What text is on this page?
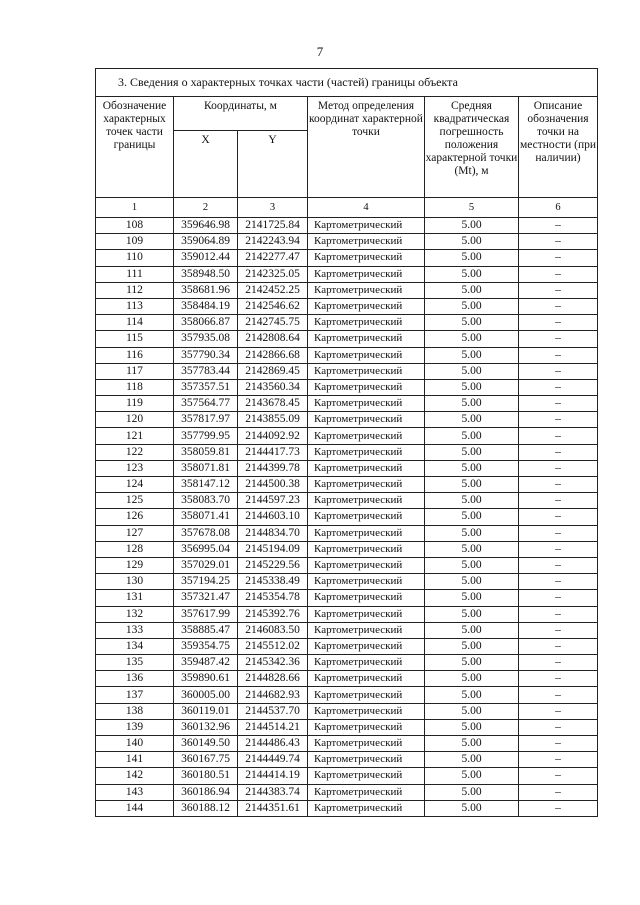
7
3. Сведения о характерных точках части (частей) границы объекта					
Обозначение характерных точек части границы	Координаты, м		Метод определения координат характерной точки	Средняя квадратическая погрешность положения характерной точки (Mt), м	Описание обозначения точки на местности (при наличии)
	X	Y			
1	2	3	4	5	6
108	359646.98	2141725.84	Картометрический	5.00	–
109	359064.89	2142243.94	Картометрический	5.00	–
110	359012.44	2142277.47	Картометрический	5.00	–
111	358948.50	2142325.05	Картометрический	5.00	–
112	358681.96	2142452.25	Картометрический	5.00	–
113	358484.19	2142546.62	Картометрический	5.00	–
114	358066.87	2142745.75	Картометрический	5.00	–
115	357935.08	2142808.64	Картометрический	5.00	–
116	357790.34	2142866.68	Картометрический	5.00	–
117	357783.44	2142869.45	Картометрический	5.00	–
118	357357.51	2143560.34	Картометрический	5.00	–
119	357564.77	2143678.45	Картометрический	5.00	–
120	357817.97	2143855.09	Картометрический	5.00	–
121	357799.95	2144092.92	Картометрический	5.00	–
122	358059.81	2144417.73	Картометрический	5.00	–
123	358071.81	2144399.78	Картометрический	5.00	–
124	358147.12	2144500.38	Картометрический	5.00	–
125	358083.70	2144597.23	Картометрический	5.00	–
126	358071.41	2144603.10	Картометрический	5.00	–
127	357678.08	2144834.70	Картометрический	5.00	–
128	356995.04	2145194.09	Картометрический	5.00	–
129	357029.01	2145229.56	Картометрический	5.00	–
130	357194.25	2145338.49	Картометрический	5.00	–
131	357321.47	2145354.78	Картометрический	5.00	–
132	357617.99	2145392.76	Картометрический	5.00	–
133	358885.47	2146083.50	Картометрический	5.00	–
134	359354.75	2145512.02	Картометрический	5.00	–
135	359487.42	2145342.36	Картометрический	5.00	–
136	359890.61	2144828.66	Картометрический	5.00	–
137	360005.00	2144682.93	Картометрический	5.00	–
138	360119.01	2144537.70	Картометрический	5.00	–
139	360132.96	2144514.21	Картометрический	5.00	–
140	360149.50	2144486.43	Картометрический	5.00	–
141	360167.75	2144449.74	Картометрический	5.00	–
142	360180.51	2144414.19	Картометрический	5.00	–
143	360186.94	2144383.74	Картометрический	5.00	–
144	360188.12	2144351.61	Картометрический	5.00	–
